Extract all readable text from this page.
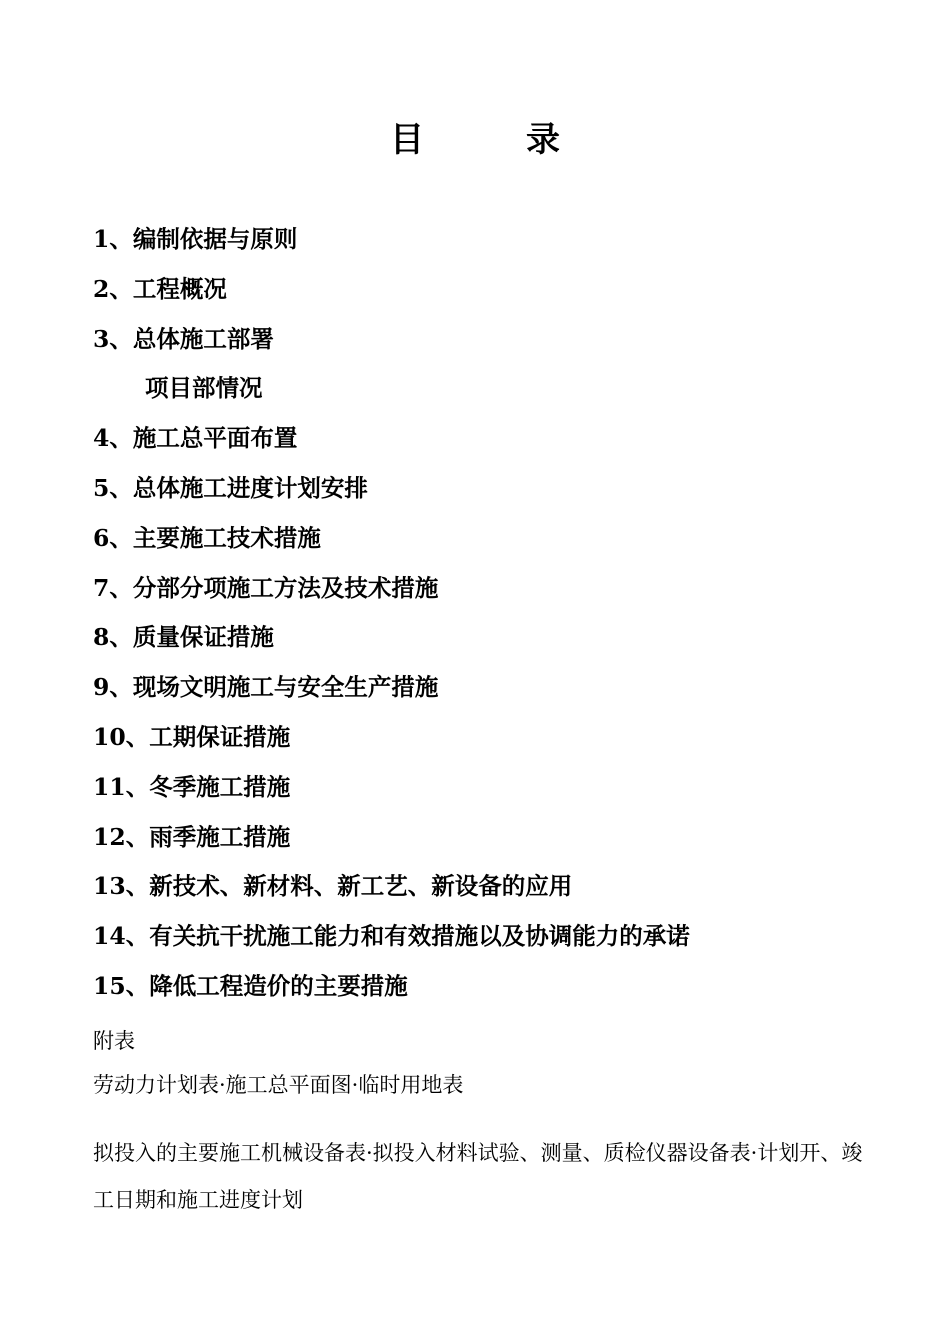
目　　　录
1、编制依据与原则
2、工程概况
3、总体施工部署
项目部情况
4、施工总平面布置
5、总体施工进度计划安排
6、主要施工技术措施
7、分部分项施工方法及技术措施
8、质量保证措施
9、现场文明施工与安全生产措施
10、工期保证措施
11、冬季施工措施
12、雨季施工措施
13、新技术、新材料、新工艺、新设备的应用
14、有关抗干扰施工能力和有效措施以及协调能力的承诺
15、降低工程造价的主要措施
附表
劳动力计划表·施工总平面图·临时用地表

拟投入的主要施工机械设备表·拟投入材料试验、测量、质检仪器设备表·计划开、竣工日期和施工进度计划
